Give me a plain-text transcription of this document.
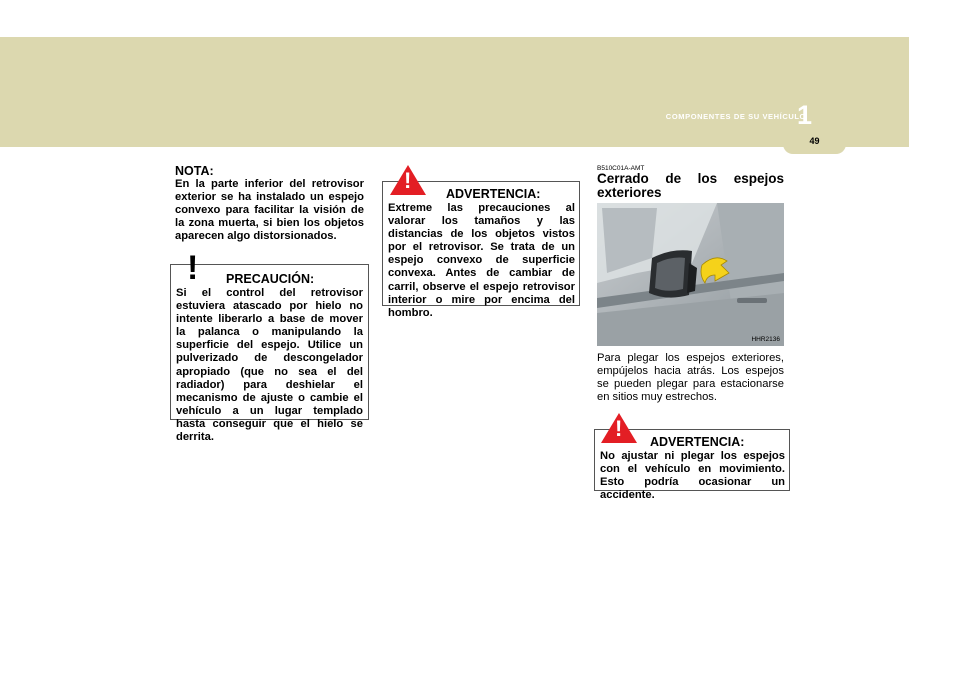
COMPONENTES DE SU VEHÍCULO
1
49
NOTA:
En la parte inferior del retrovisor exterior se ha instalado un espejo convexo para facilitar la visión de la zona muerta, si bien los objetos aparecen algo distorsionados.
!	PRECAUCIÓN:
Si el control del retrovisor estuviera atascado por hielo no intente liberarlo a base de mover la palanca o manipulando la superficie del espejo. Utilice un pulverizado de descongelador apropiado (que no sea el del radiador) para deshielar el mecanismo de ajuste o cambie el vehículo a un lugar templado hasta conseguir que el hielo se derrita.
!
ADVERTENCIA:
Extreme las precauciones al valorar los tamaños y las distancias de los objetos vistos por el retrovisor. Se trata de un espejo convexo de superficie convexa. Antes de cambiar de carril, observe el espejo retrovisor interior o mire por encima del hombro.
B510C01A-AMT
Cerrado de los espejos
exteriores
HHR2136
Para plegar los espejos exteriores, empújelos hacia atrás. Los espejos se pueden plegar para estacionarse en sitios muy estrechos.
!
ADVERTENCIA:
No ajustar ni plegar los espejos con el vehículo en movimiento. Esto podría ocasionar un accidente.
